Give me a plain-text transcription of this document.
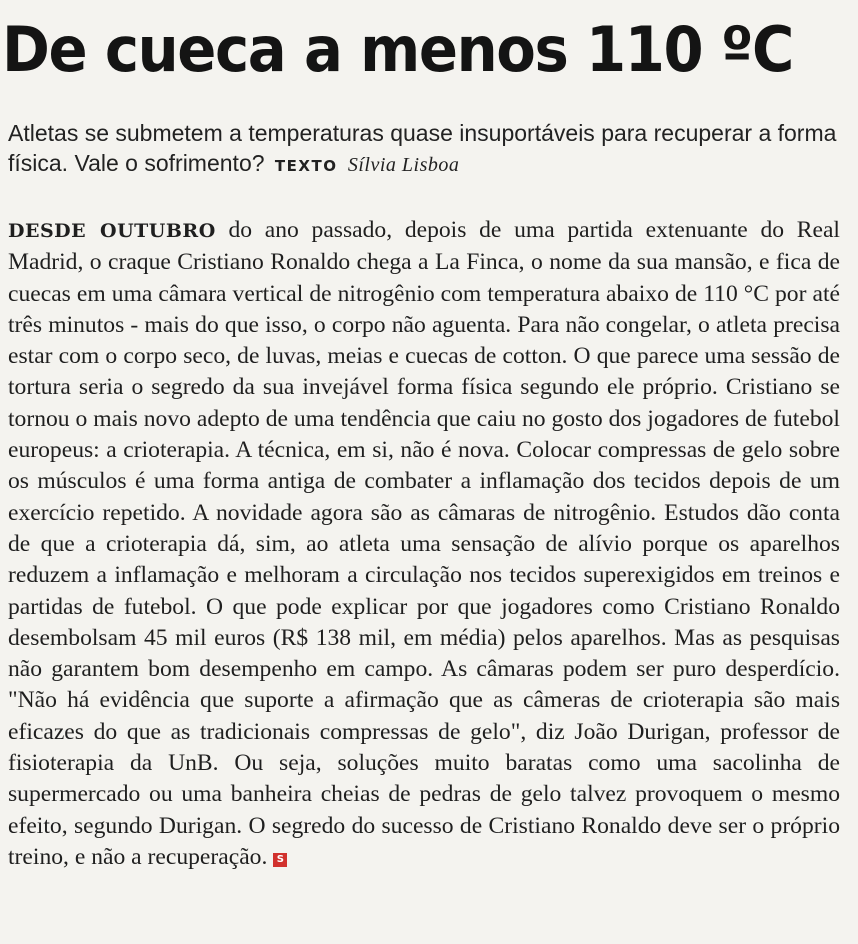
De cueca a menos 110 ºC

Atletas se submetem a temperaturas quase insuportáveis para recuperar a forma física. Vale o sofrimento? TEXTO Sílvia Lisboa

DESDE OUTUBRO do ano passado, depois de uma partida extenuante do Real Madrid, o craque Cristiano Ronaldo chega a La Finca, o nome da sua mansão, e fica de cuecas em uma câmara vertical de nitrogênio com temperatura abaixo de 110 °C por até três minutos - mais do que isso, o corpo não aguenta. Para não congelar, o atleta precisa estar com o corpo seco, de luvas, meias e cuecas de cotton. O que parece uma sessão de tortura seria o segredo da sua invejável forma física segundo ele próprio. Cristiano se tornou o mais novo adepto de uma tendência que caiu no gosto dos jogadores de futebol europeus: a crioterapia. A técnica, em si, não é nova. Colocar compressas de gelo sobre os músculos é uma forma antiga de combater a inflamação dos tecidos depois de um exercício repetido. A novidade agora são as câmaras de nitrogênio. Estudos dão conta de que a crioterapia dá, sim, ao atleta uma sensação de alívio porque os aparelhos reduzem a inflamação e melhoram a circulação nos tecidos superexigidos em treinos e partidas de futebol. O que pode explicar por que jogadores como Cristiano Ronaldo desembolsam 45 mil euros (R$ 138 mil, em média) pelos aparelhos. Mas as pesquisas não garantem bom desempenho em campo. As câmaras podem ser puro desperdício. "Não há evidência que suporte a afirmação que as câmeras de crioterapia são mais eficazes do que as tradicionais compressas de gelo", diz João Durigan, professor de fisioterapia da UnB. Ou seja, soluções muito baratas como uma sacolinha de supermercado ou uma banheira cheias de pedras de gelo talvez provoquem o mesmo efeito, segundo Durigan. O segredo do sucesso de Cristiano Ronaldo deve ser o próprio treino, e não a recuperação. S
